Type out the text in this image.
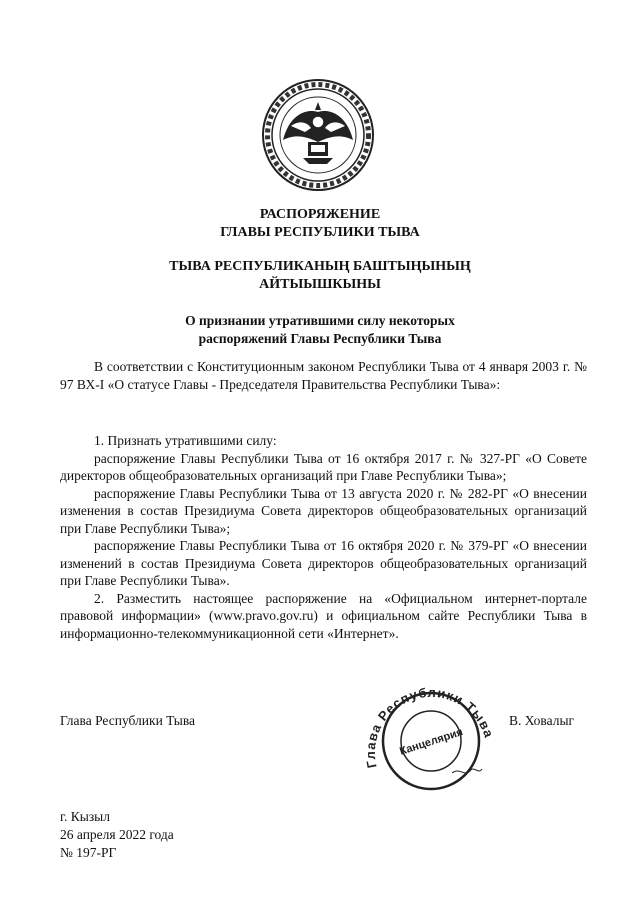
РАСПОРЯЖЕНИЕ
ГЛАВЫ РЕСПУБЛИКИ ТЫВА
ТЫВА РЕСПУБЛИКАНЫҢ БАШТЫҢЫНЫҢ
АЙТЫЫШКЫНЫ
О признании утратившими силу некоторых
распоряжений Главы Республики Тыва

В соответствии с Конституционным законом Республики Тыва от 4 января 2003 г. № 97 ВХ-I «О статусе Главы - Председателя Правительства Республики Тыва»:

1. Признать утратившими силу:

распоряжение Главы Республики Тыва от 16 октября 2017 г. № 327-РГ «О Совете директоров общеобразовательных организаций при Главе Республики Тыва»;

распоряжение Главы Республики Тыва от 13 августа 2020 г. № 282-РГ «О внесении изменения в состав Президиума Совета директоров общеобразовательных организаций при Главе Республики Тыва»;

распоряжение Главы Республики Тыва от 16 октября 2020 г. № 379-РГ «О внесении изменений в состав Президиума Совета директоров общеобразовательных организаций при Главе Республики Тыва».

2. Разместить настоящее распоряжение на «Официальном интернет-портале правовой информации» (www.pravo.gov.ru) и официальном сайте Республики Тыва в информационно-телекоммуникационной сети «Интернет».

Глава Республики Тыва
Глава Республики Тыва
Канцелярия
В. Ховалыг
г. Кызыл
26 апреля 2022 года
№ 197-РГ
